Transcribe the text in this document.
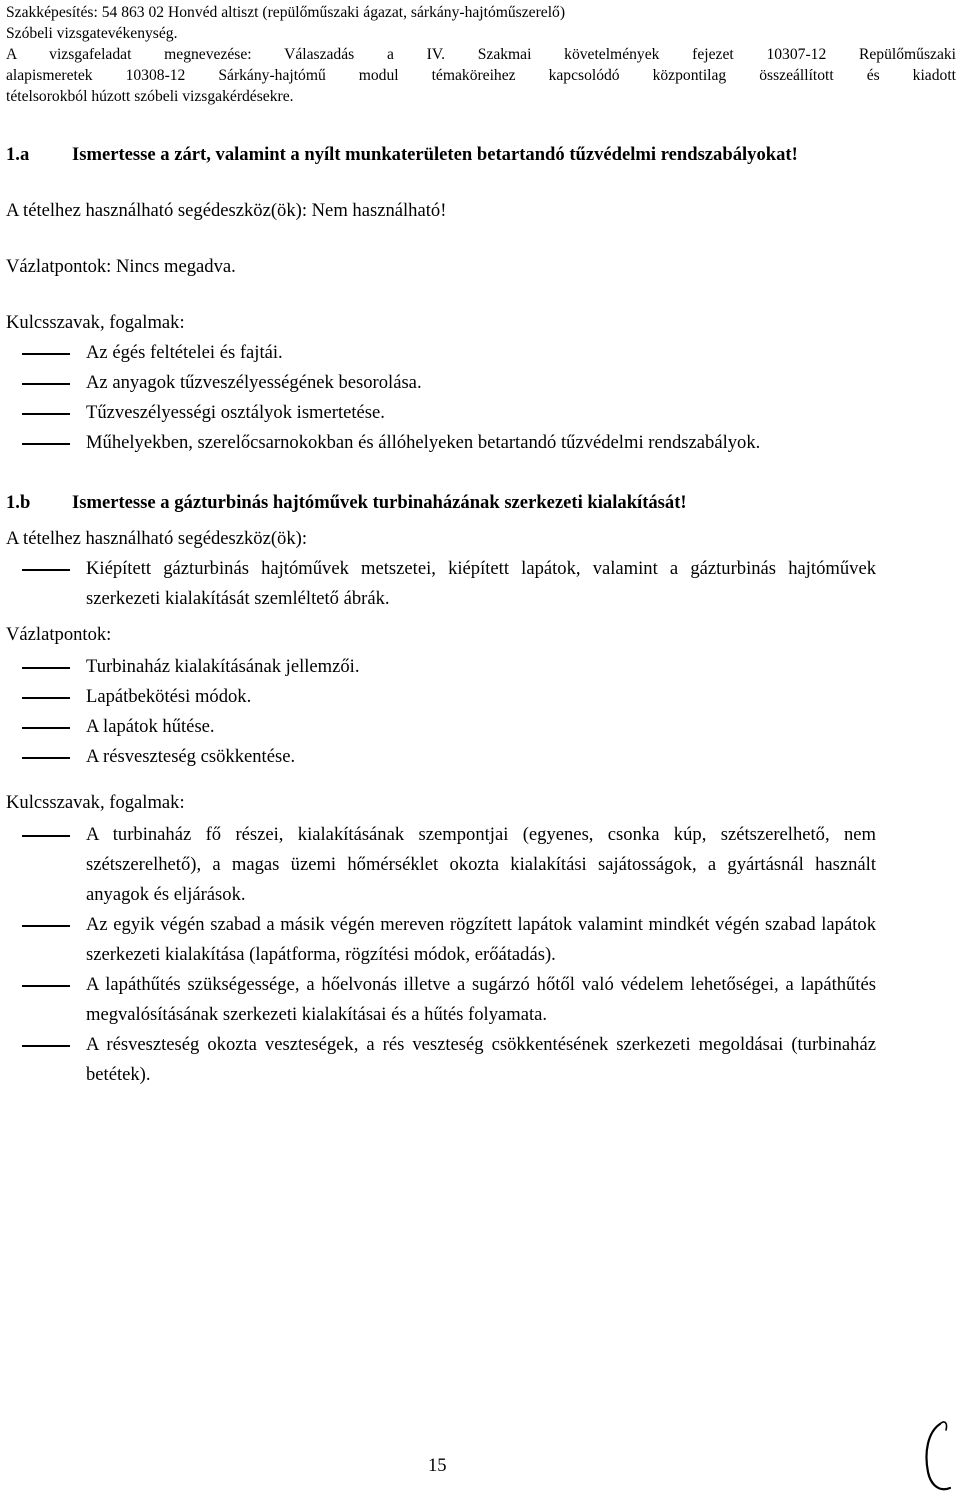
Szakképesítés: 54 863 02 Honvéd altiszt (repülőműszaki ágazat, sárkány-hajtóműszerelő)
Szóbeli vizsgatevékenység.
A vizsgafeladat megnevezése: Válaszadás a IV. Szakmai követelmények fejezet 10307-12 Repülőműszaki
alapismeretek 10308-12 Sárkány-hajtómű modul témaköreihez kapcsolódó központilag összeállított és kiadott
tételsorokból húzott szóbeli vizsgakérdésekre.
1.a Ismertesse a zárt, valamint a nyílt munkaterületen betartandó tűzvédelmi rendszabályokat!
A tételhez használható segédeszköz(ök): Nem használható!
Vázlatpontok: Nincs megadva.
Kulcsszavak, fogalmak:
Az égés feltételei és fajtái.
Az anyagok tűzveszélyességének besorolása.
Tűzveszélyességi osztályok ismertetése.
Műhelyekben, szerelőcsarnokokban és állóhelyeken betartandó tűzvédelmi rendszabályok.
1.b Ismertesse a gázturbinás hajtóművek turbinaházának szerkezeti kialakítását!
A tételhez használható segédeszköz(ök):
Kiépített gázturbinás hajtóművek metszetei, kiépített lapátok, valamint a gázturbinás hajtóművek szerkezeti kialakítását szemléltető ábrák.
Vázlatpontok:
Turbinaház kialakításának jellemzői.
Lapátbekötési módok.
A lapátok hűtése.
A résveszteség csökkentése.
Kulcsszavak, fogalmak:
A turbinaház fő részei, kialakításának szempontjai (egyenes, csonka kúp, szétszerelhető, nem szétszerelhető), a magas üzemi hőmérséklet okozta kialakítási sajátosságok, a gyártásnál használt anyagok és eljárások.
Az egyik végén szabad a másik végén mereven rögzített lapátok valamint mindkét végén szabad lapátok szerkezeti kialakítása (lapátforma, rögzítési módok, erőátadás).
A lapáthűtés szükségessége, a hőelvonás illetve a sugárzó hőtől való védelem lehetőségei, a lapáthűtés megvalósításának szerkezeti kialakításai és a hűtés folyamata.
A résveszteség okozta veszteségek, a rés veszteség csökkentésének szerkezeti megoldásai (turbinaház betétek).
15
